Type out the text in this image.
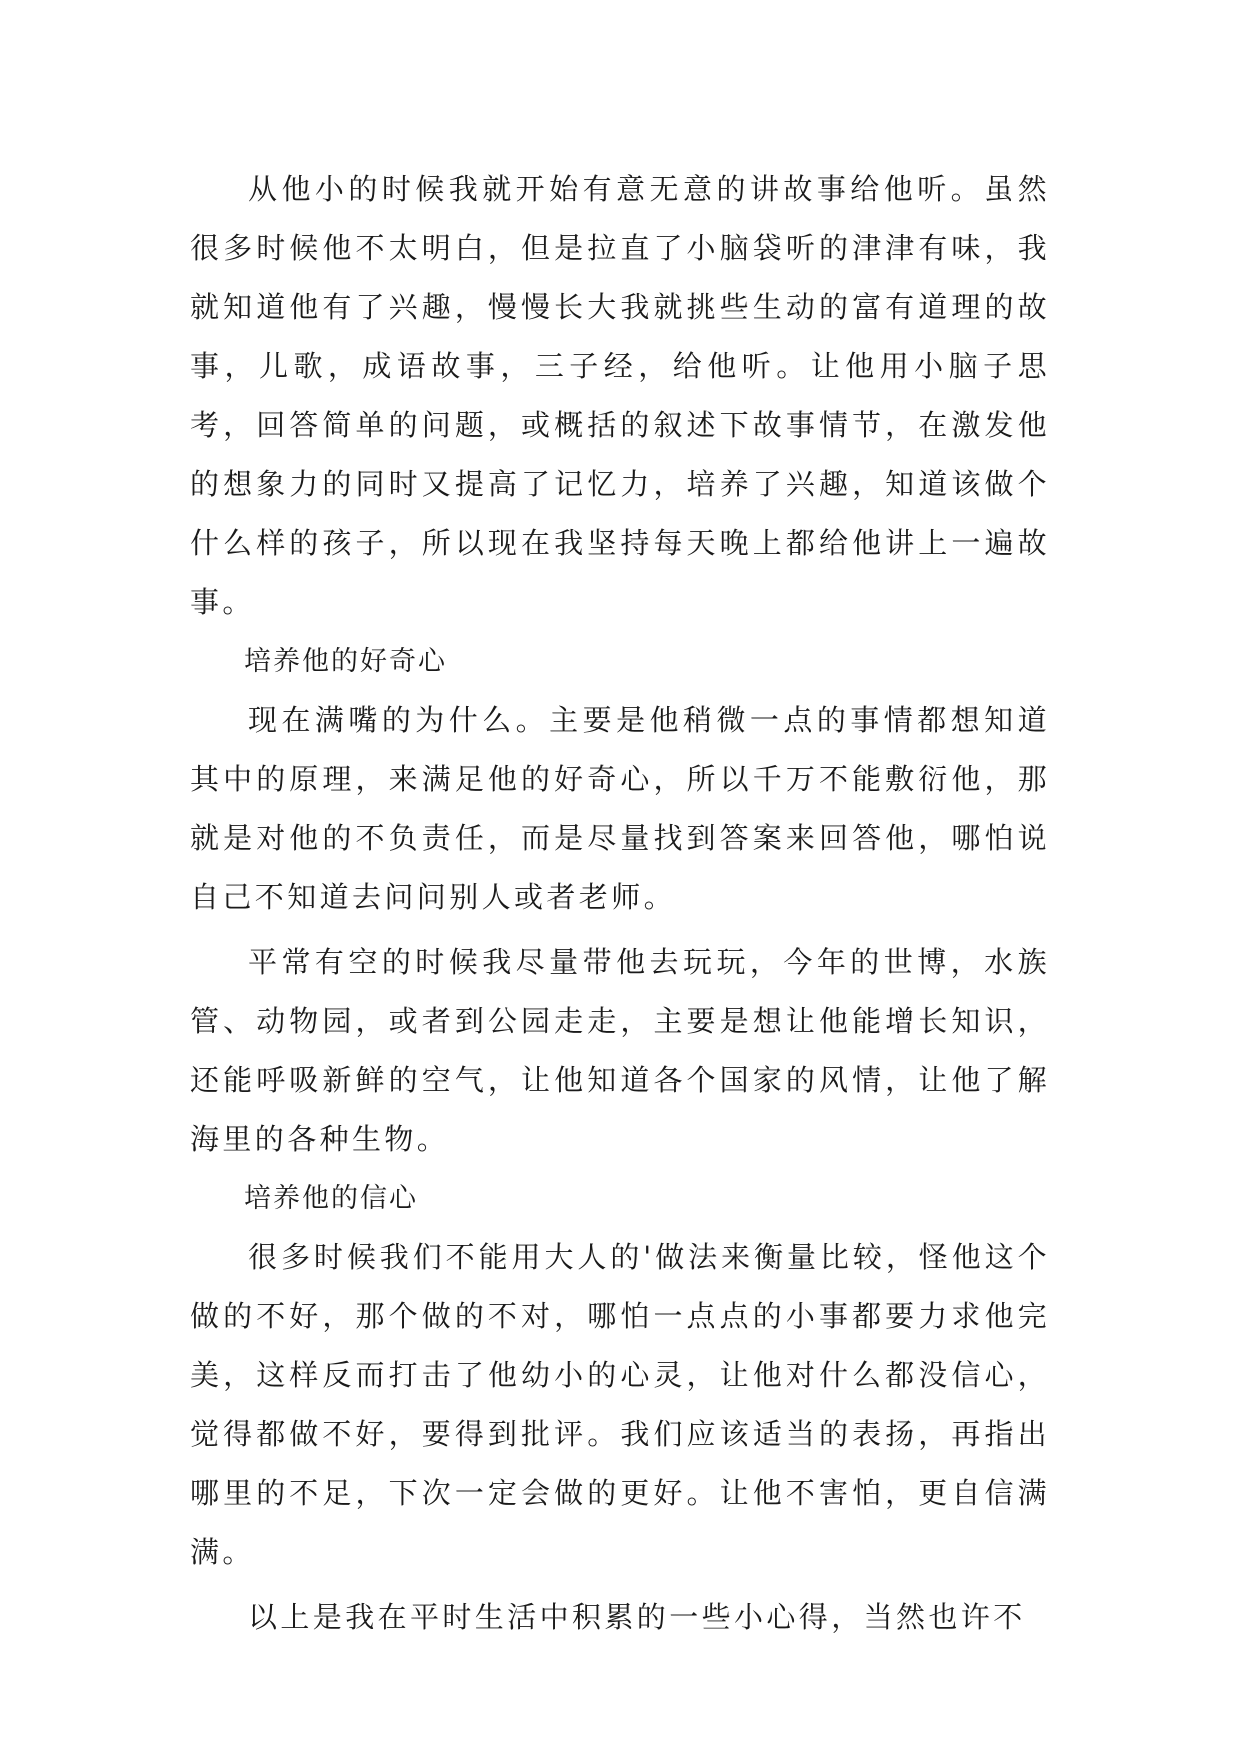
从他小的时候我就开始有意无意的讲故事给他听。虽然很多时候他不太明白，但是拉直了小脑袋听的津津有味，我就知道他有了兴趣，慢慢长大我就挑些生动的富有道理的故事，儿歌，成语故事，三子经，给他听。让他用小脑子思考，回答简单的问题，或概括的叙述下故事情节，在激发他的想象力的同时又提高了记忆力，培养了兴趣，知道该做个什么样的孩子，所以现在我坚持每天晚上都给他讲上一遍故事。

培养他的好奇心

现在满嘴的为什么。主要是他稍微一点的事情都想知道其中的原理，来满足他的好奇心，所以千万不能敷衍他，那就是对他的不负责任，而是尽量找到答案来回答他，哪怕说自己不知道去问问别人或者老师。

平常有空的时候我尽量带他去玩玩，今年的世博，水族管、动物园，或者到公园走走，主要是想让他能增长知识，还能呼吸新鲜的空气，让他知道各个国家的风情，让他了解海里的各种生物。

培养他的信心

很多时候我们不能用大人的'做法来衡量比较，怪他这个做的不好，那个做的不对，哪怕一点点的小事都要力求他完美，这样反而打击了他幼小的心灵，让他对什么都没信心，觉得都做不好，要得到批评。我们应该适当的表扬，再指出哪里的不足，下次一定会做的更好。让他不害怕，更自信满满。

以上是我在平时生活中积累的一些小心得，当然也许不
